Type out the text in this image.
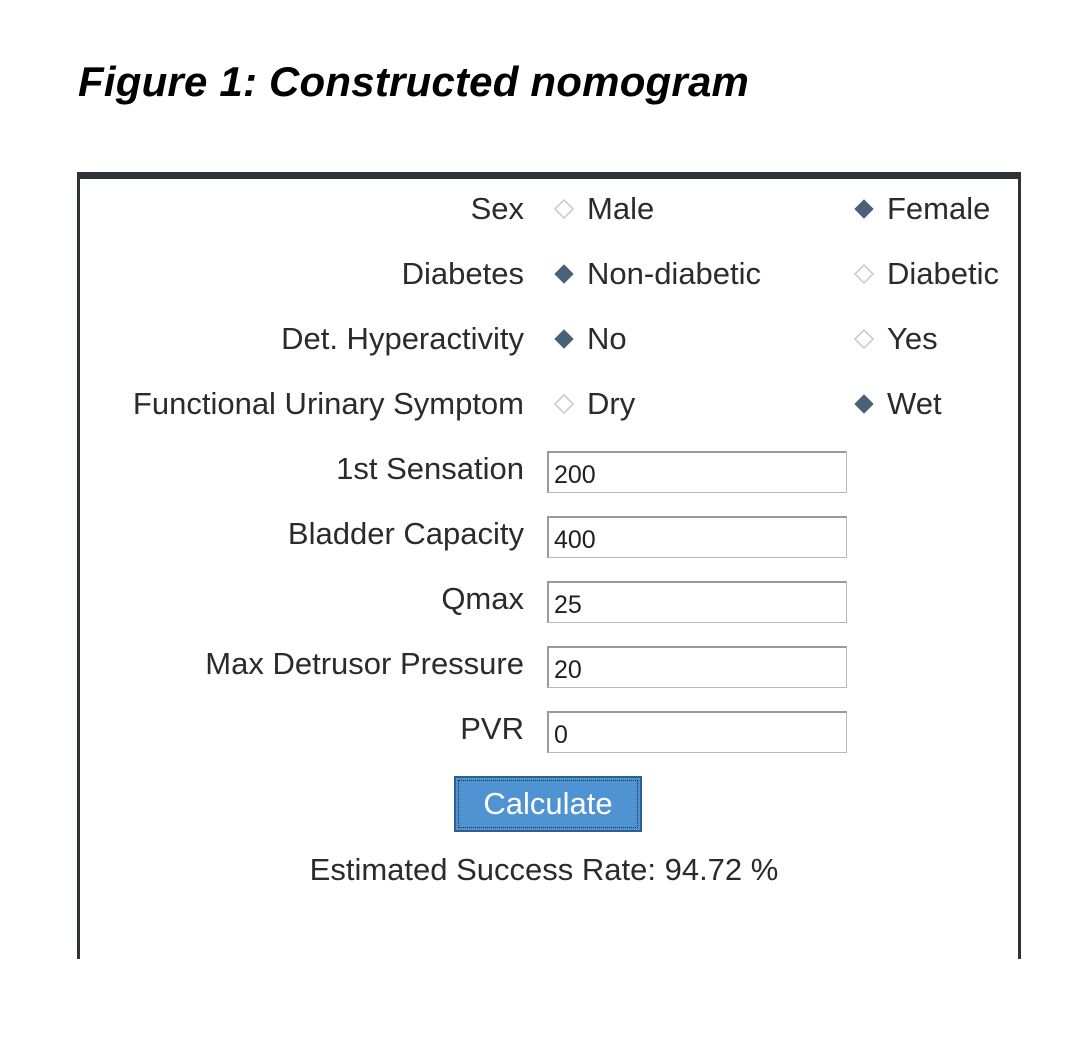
Figure 1: Constructed nomogram
Sex Male	Female
Diabetes Non-diabetic	Diabetic
Det. Hyperactivity No	Yes
Functional Urinary Symptom Dry	Wet
1st Sensation
200
Bladder Capacity
400
Qmax
25
Max Detrusor Pressure
20
PVR
0
Calculate
Estimated Success Rate: 94.72 %
